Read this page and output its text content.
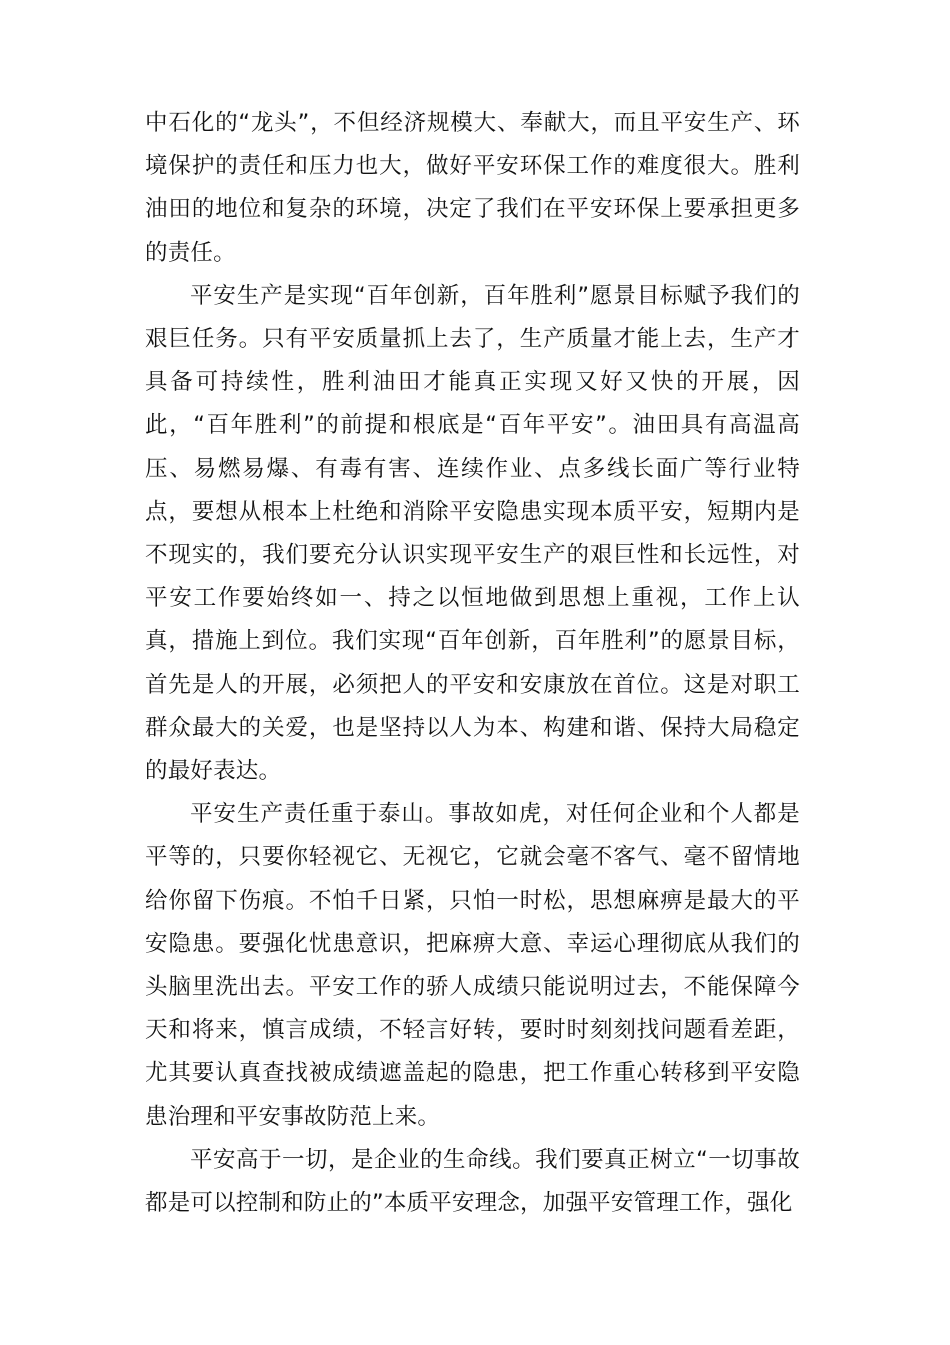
中石化的“龙头”，不但经济规模大、奉献大，而且平安生产、环境保护的责任和压力也大，做好平安环保工作的难度很大。胜利油田的地位和复杂的环境，决定了我们在平安环保上要承担更多的责任。

平安生产是实现“百年创新，百年胜利”愿景目标赋予我们的艰巨任务。只有平安质量抓上去了，生产质量才能上去，生产才具备可持续性，胜利油田才能真正实现又好又快的开展，因此，“百年胜利”的前提和根底是“百年平安”。油田具有高温高压、易燃易爆、有毒有害、连续作业、点多线长面广等行业特点，要想从根本上杜绝和消除平安隐患实现本质平安，短期内是不现实的，我们要充分认识实现平安生产的艰巨性和长远性，对平安工作要始终如一、持之以恒地做到思想上重视，工作上认真，措施上到位。我们实现“百年创新，百年胜利”的愿景目标，首先是人的开展，必须把人的平安和安康放在首位。这是对职工群众最大的关爱，也是坚持以人为本、构建和谐、保持大局稳定的最好表达。

平安生产责任重于泰山。事故如虎，对任何企业和个人都是平等的，只要你轻视它、无视它，它就会毫不客气、毫不留情地给你留下伤痕。不怕千日紧，只怕一时松，思想麻痹是最大的平安隐患。要强化忧患意识，把麻痹大意、幸运心理彻底从我们的头脑里洗出去。平安工作的骄人成绩只能说明过去，不能保障今天和将来，慎言成绩，不轻言好转，要时时刻刻找问题看差距，尤其要认真查找被成绩遮盖起的隐患，把工作重心转移到平安隐患治理和平安事故防范上来。

平安高于一切，是企业的生命线。我们要真正树立“一切事故都是可以控制和防止的”本质平安理念，加强平安管理工作，强化
